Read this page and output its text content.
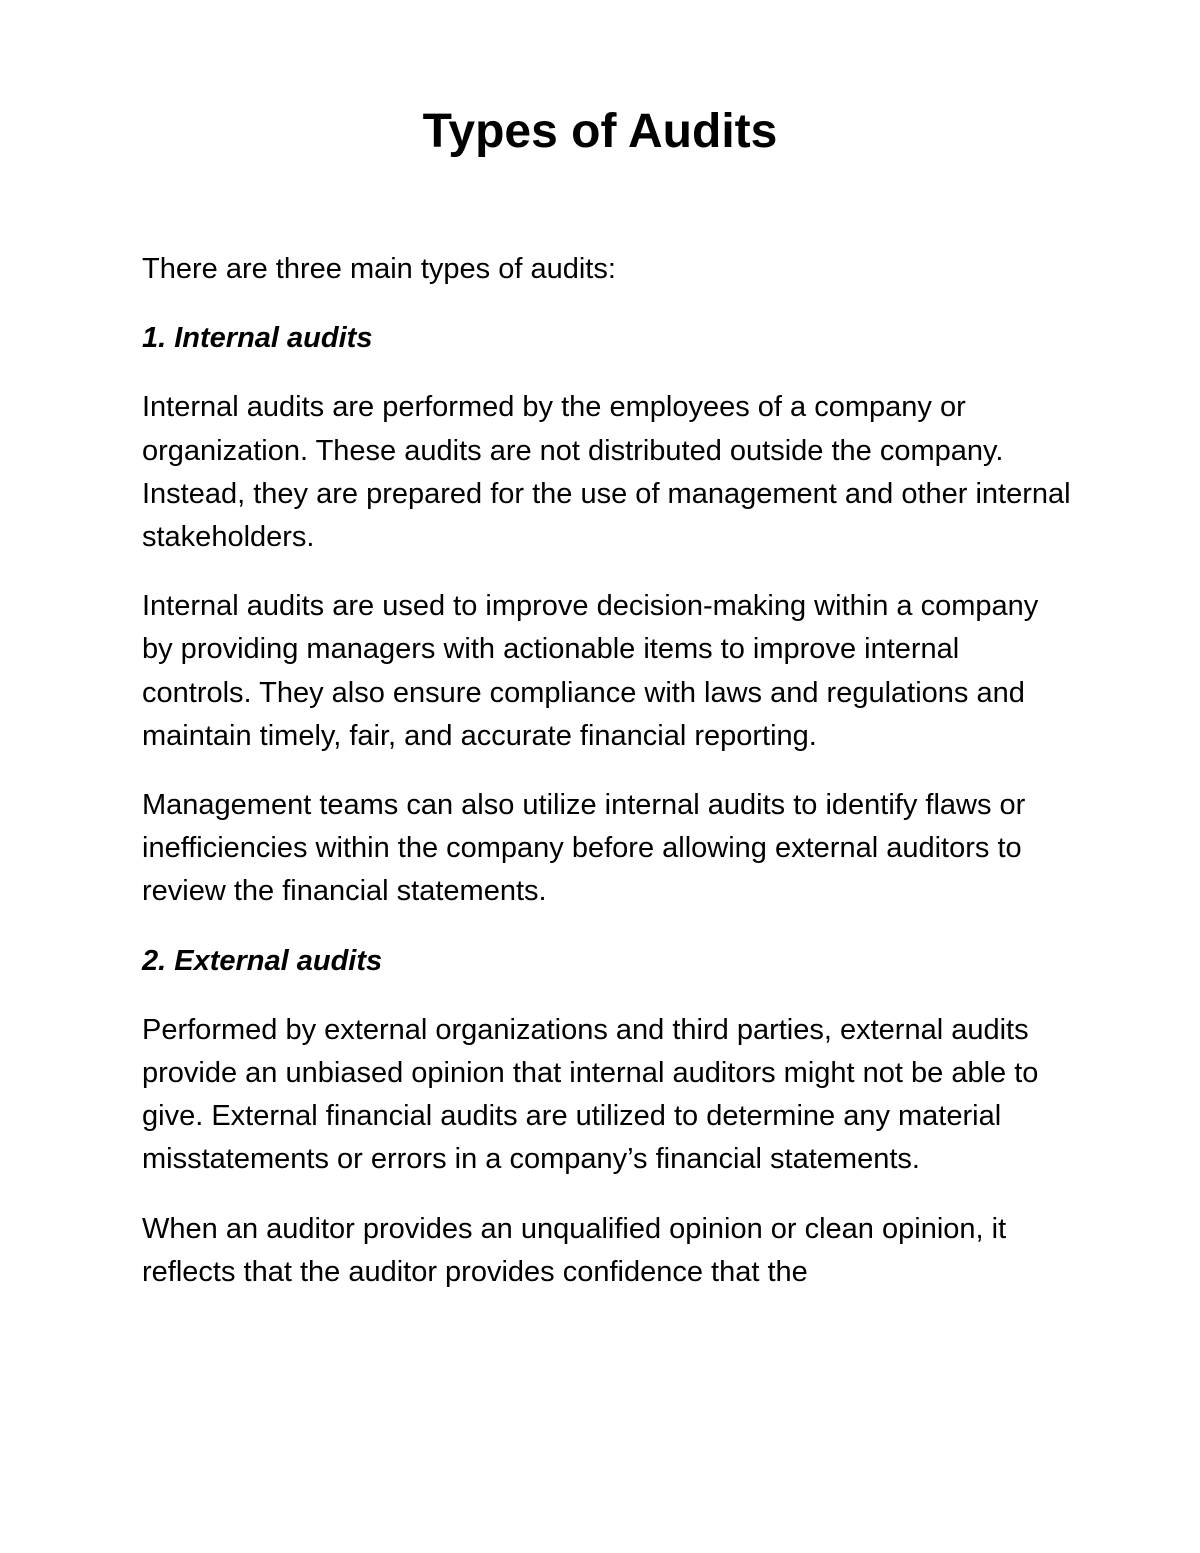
Types of Audits

There are three main types of audits:

1. Internal audits

Internal audits are performed by the employees of a company or organization. These audits are not distributed outside the company. Instead, they are prepared for the use of management and other internal stakeholders.

Internal audits are used to improve decision-making within a company by providing managers with actionable items to improve internal controls. They also ensure compliance with laws and regulations and maintain timely, fair, and accurate financial reporting.

Management teams can also utilize internal audits to identify flaws or inefficiencies within the company before allowing external auditors to review the financial statements.

2. External audits

Performed by external organizations and third parties, external audits provide an unbiased opinion that internal auditors might not be able to give. External financial audits are utilized to determine any material misstatements or errors in a company’s financial statements.

When an auditor provides an unqualified opinion or clean opinion, it reflects that the auditor provides confidence that the
